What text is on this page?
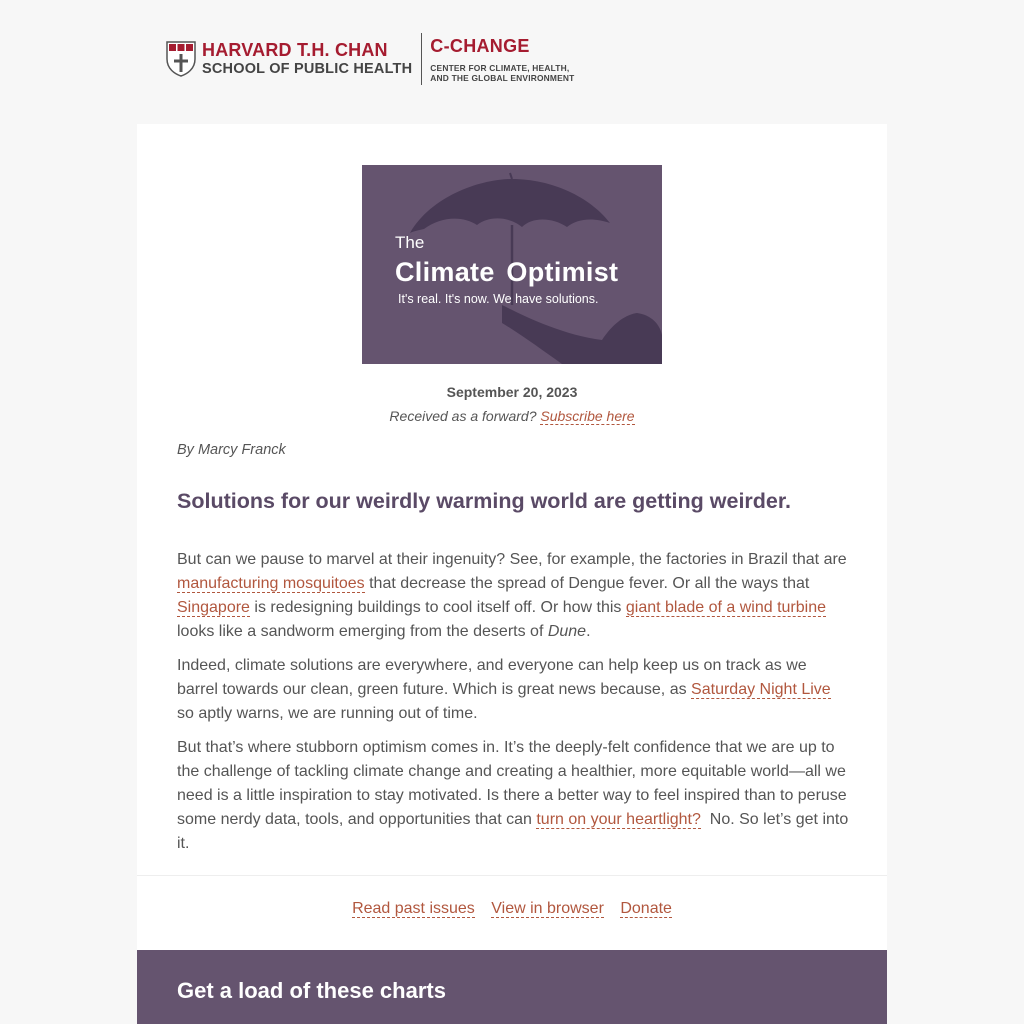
HARVARD T.H. CHAN
SCHOOL OF PUBLIC HEALTH
C-CHANGE
CENTER FOR CLIMATE, HEALTH,
AND THE GLOBAL ENVIRONMENT
The
Climate Optimist
It's real. It's now. We have solutions.
September 20, 2023
Received as a forward? Subscribe here
By Marcy Franck
Solutions for our weirdly warming world are getting weirder.

But can we pause to marvel at their ingenuity? See, for example, the factories in Brazil that are manufacturing mosquitoes that decrease the spread of Dengue fever. Or all the ways that Singapore is redesigning buildings to cool itself off. Or how this giant blade of a wind turbine looks like a sandworm emerging from the deserts of Dune.

Indeed, climate solutions are everywhere, and everyone can help keep us on track as we barrel towards our clean, green future. Which is great news because, as Saturday Night Live so aptly warns, we are running out of time.

But that’s where stubborn optimism comes in. It’s the deeply-felt confidence that we are up to the challenge of tackling climate change and creating a healthier, more equitable world—all we need is a little inspiration to stay motivated. Is there a better way to feel inspired than to peruse some nerdy data, tools, and opportunities that can turn on your heartlight?  No. So let’s get into it.

Read past issues View in browser Donate
Get a load of these charts
